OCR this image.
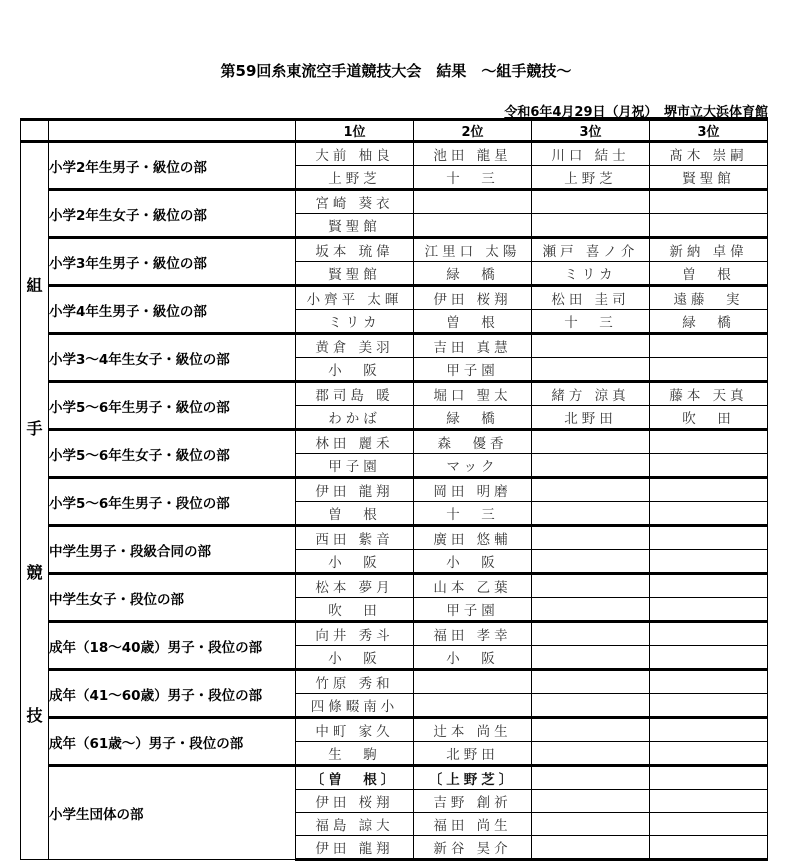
第59回糸東流空手道競技大会　結果　～組手競技～
令和6年4月29日（月祝）　堺市立大浜体育館
		1位	2位	3位	3位

組
手
競
技	小学2年生男子・級位の部	大前 柚良	池田 龍星	川口 結士	髙木 崇嗣
		上野芝	十　三	上野芝	賢聖館
	小学2年生女子・級位の部	宮崎 葵衣			
		賢聖館			
	小学3年生男子・級位の部	坂本 琉偉	江里口 太陽	瀬戸 喜ノ介	新納 卓偉
		賢聖館	緑　橋	ミリカ	曽　根
	小学4年生男子・級位の部	小齊平 太暉	伊田 桜翔	松田 圭司	遠藤　実
		ミリカ	曽　根	十　三	緑　橋
	小学3～4年生女子・級位の部	黄倉 美羽	吉田 真慧		
		小　阪	甲子園		
	小学5～6年生男子・級位の部	郡司島 暖	堀口 聖太	緒方 涼真	藤本 天真
		わかば	緑　橋	北野田	吹　田
	小学5～6年生女子・級位の部	林田 麗禾	森　優香		
		甲子園	マック		
	小学5～6年生男子・段位の部	伊田 龍翔	岡田 明磨		
		曽　根	十　三		
	中学生男子・段級合同の部	西田 紫音	廣田 悠輔		
		小　阪	小　阪		
	中学生女子・段位の部	松本 夢月	山本 乙葉		
		吹　田	甲子園		
	成年（18～40歳）男子・段位の部	向井 秀斗	福田 孝幸		
		小　阪	小　阪		
	成年（41～60歳）男子・段位の部	竹原 秀和			
		四條畷南小			
	成年（61歳～）男子・段位の部	中町 家久	辻本 尚生		
		生　駒	北野田		
	小学生団体の部	〔曽　根〕	〔上野芝〕		
		伊田 桜翔	吉野 創祈		
		福島 諒大	福田 尚生		
		伊田 龍翔	新谷 昊介		
